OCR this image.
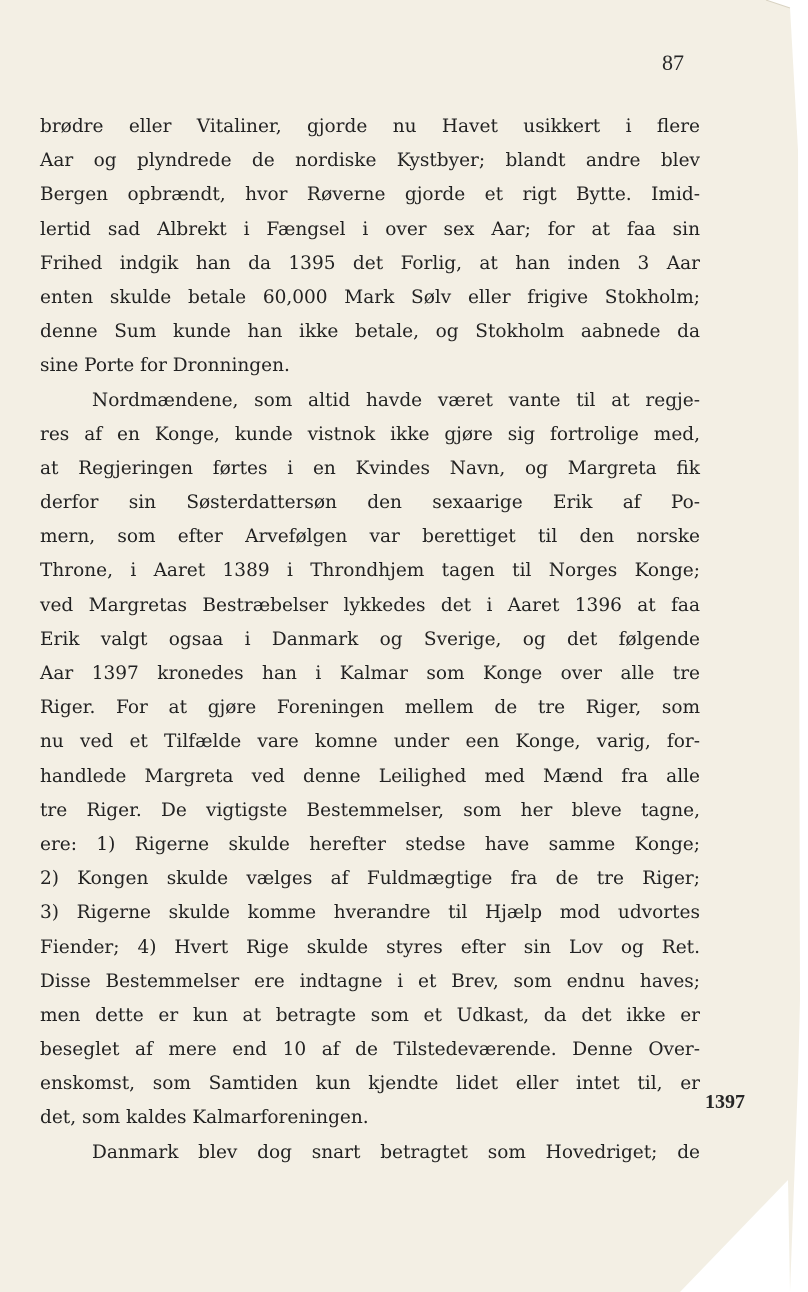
87
1397
brødre eller Vitaliner, gjorde nu Havet usikkert i flere
Aar og plyndrede de nordiske Kystbyer; blandt andre blev
Bergen opbrændt, hvor Røverne gjorde et rigt Bytte. Imid-
lertid sad Albrekt i Fængsel i over sex Aar; for at faa sin
Frihed indgik han da 1395 det Forlig, at han inden 3 Aar
enten skulde betale 60,000 Mark Sølv eller frigive Stokholm;
denne Sum kunde han ikke betale, og Stokholm aabnede da
sine Porte for Dronningen.
Nordmændene, som altid havde været vante til at regje-
res af en Konge, kunde vistnok ikke gjøre sig fortrolige med,
at Regjeringen førtes i en Kvindes Navn, og Margreta fik
derfor sin Søsterdattersøn den sexaarige Erik af Po-
mern, som efter Arvefølgen var berettiget til den norske
Throne, i Aaret 1389 i Throndhjem tagen til Norges Konge;
ved Margretas Bestræbelser lykkedes det i Aaret 1396 at faa
Erik valgt ogsaa i Danmark og Sverige, og det følgende
Aar 1397 kronedes han i Kalmar som Konge over alle tre
Riger. For at gjøre Foreningen mellem de tre Riger, som
nu ved et Tilfælde vare komne under een Konge, varig, for-
handlede Margreta ved denne Leilighed med Mænd fra alle
tre Riger. De vigtigste Bestemmelser, som her bleve tagne,
ere: 1) Rigerne skulde herefter stedse have samme Konge;
2) Kongen skulde vælges af Fuldmægtige fra de tre Riger;
3) Rigerne skulde komme hverandre til Hjælp mod udvortes
Fiender; 4) Hvert Rige skulde styres efter sin Lov og Ret.
Disse Bestemmelser ere indtagne i et Brev, som endnu haves;
men dette er kun at betragte som et Udkast, da det ikke er
beseglet af mere end 10 af de Tilstedeværende. Denne Over-
enskomst, som Samtiden kun kjendte lidet eller intet til, er
det, som kaldes Kalmarforeningen.
Danmark blev dog snart betragtet som Hovedriget; de
